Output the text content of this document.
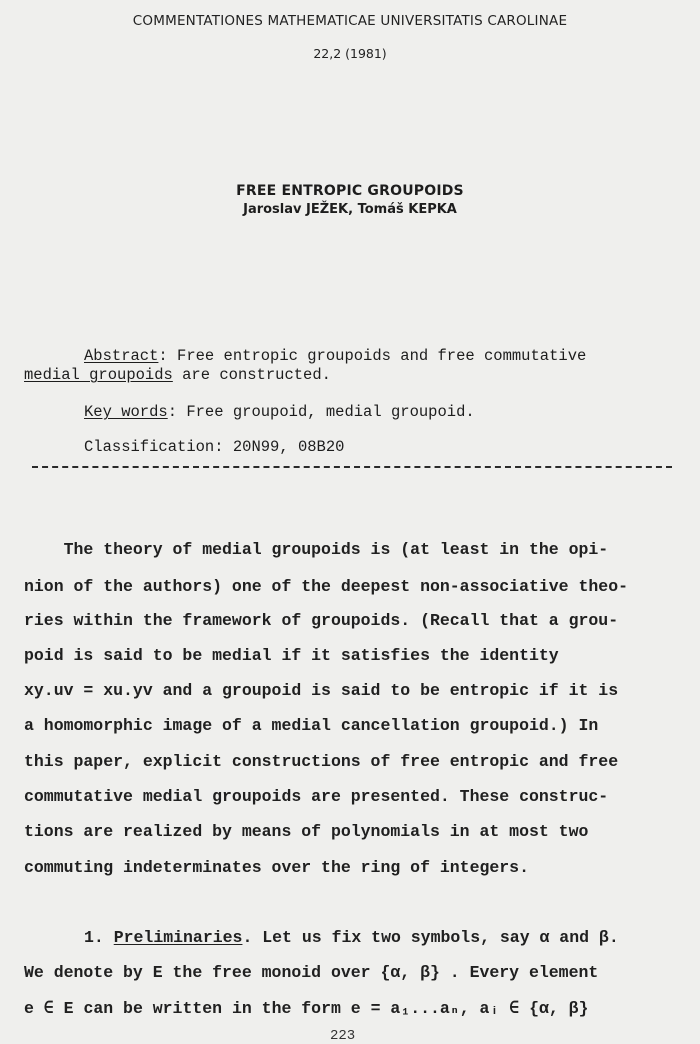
COMMENTATIONES MATHEMATICAE UNIVERSITATIS CAROLINAE
22,2 (1981)
FREE ENTROPIC GROUPOIDS
Jaroslav JEŽEK, Tomáš KEPKA
Abstract: Free entropic groupoids and free commutative
medial groupoids are constructed.
Key words: Free groupoid, medial groupoid.
Classification: 20N99, 08B20
The theory of medial groupoids is (at least in the opi-
nion of the authors) one of the deepest non-associative theo-
ries within the framework of groupoids. (Recall that a grou-
poid is said to be medial if it satisfies the identity
xy.uv = xu.yv and a groupoid is said to be entropic if it is
a homomorphic image of a medial cancellation groupoid.) In
this paper, explicit constructions of free entropic and free
commutative medial groupoids are presented. These construc-
tions are realized by means of polynomials in at most two
commuting indeterminates over the ring of integers.
1. Preliminaries. Let us fix two symbols, say α and β.
We denote by E the free monoid over {α, β} . Every element
e ∈ E can be written in the form e = a₁...aₙ, aᵢ ∈ {α, β}
223
